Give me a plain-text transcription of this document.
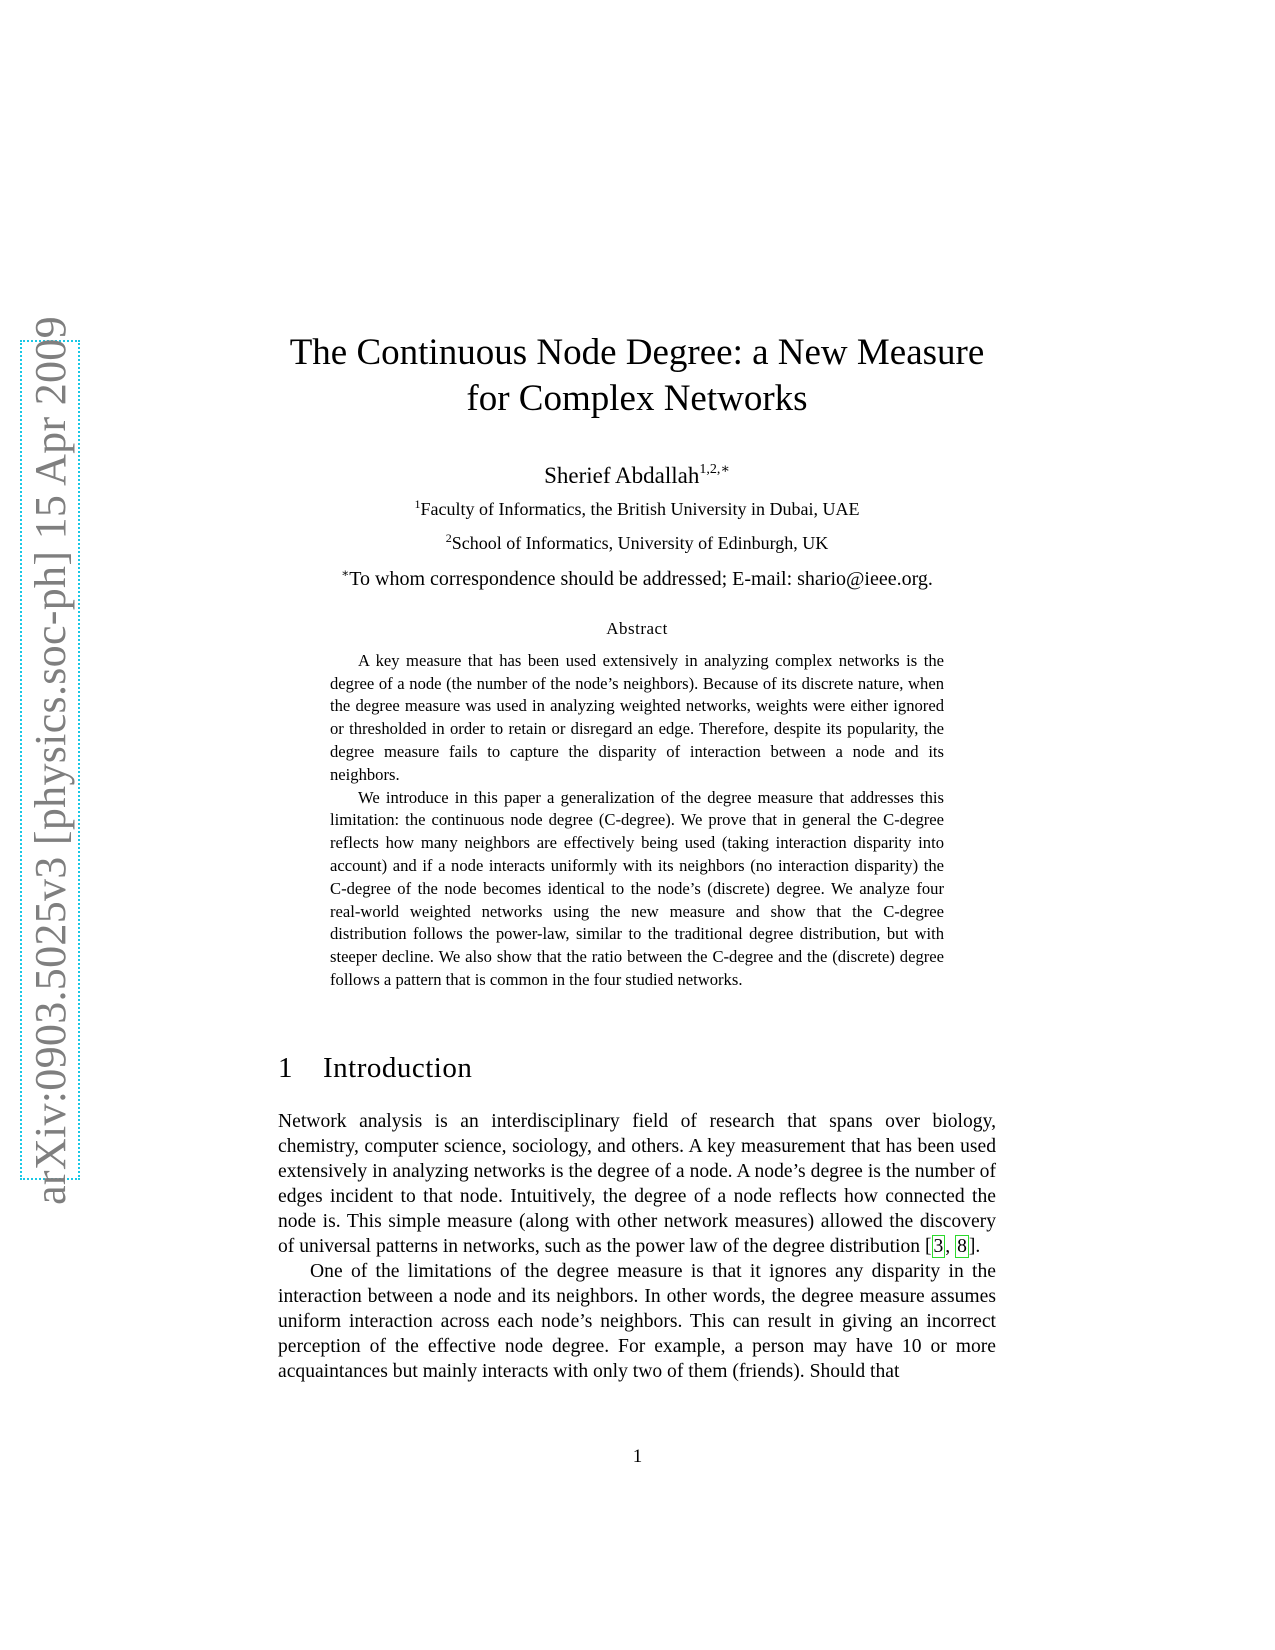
arXiv:0903.5025v3 [physics.soc-ph] 15 Apr 2009	The Continuous Node Degree: a New Measure
for Complex Networks
Sherief Abdallah$^{1,2,∗}$
$^1$Faculty of Informatics, the British University in Dubai, UAE
$^2$School of Informatics, University of Edinburgh, UK
∗To whom correspondence should be addressed; E-mail: shario@ieee.org.
Abstract

A key measure that has been used extensively in analyzing complex networks is the degree of a node (the number of the node’s neighbors). Because of its discrete nature, when the degree measure was used in analyzing weighted networks, weights were either ignored or thresholded in order to retain or disregard an edge. Therefore, despite its popularity, the degree measure fails to capture the disparity of interaction between a node and its neighbors.

We introduce in this paper a generalization of the degree measure that addresses this limitation: the continuous node degree (C-degree). We prove that in general the C-degree reflects how many neighbors are effectively being used (taking interaction disparity into account) and if a node interacts uniformly with its neighbors (no interaction disparity) the C-degree of the node becomes identical to the node’s (discrete) degree. We analyze four real-world weighted networks using the new measure and show that the C-degree distribution follows the power-law, similar to the traditional degree distribution, but with steeper decline. We also show that the ratio between the C-degree and the (discrete) degree follows a pattern that is common in the four studied networks.

1 Introduction

Network analysis is an interdisciplinary field of research that spans over biology, chemistry, computer science, sociology, and others. A key measurement that has been used extensively in analyzing networks is the degree of a node. A node’s degree is the number of edges incident to that node. Intuitively, the degree of a node reflects how connected the node is. This simple measure (along with other network measures) allowed the discovery of universal patterns in networks, such as the power law of the degree distribution [ 3 , 8 ].

One of the limitations of the degree measure is that it ignores any disparity in the interaction between a node and its neighbors. In other words, the degree measure assumes uniform interaction across each node’s neighbors. This can result in giving an incorrect perception of the effective node degree. For example, a person may have 10 or more acquaintances but mainly interacts with only two of them (friends). Should that

1
